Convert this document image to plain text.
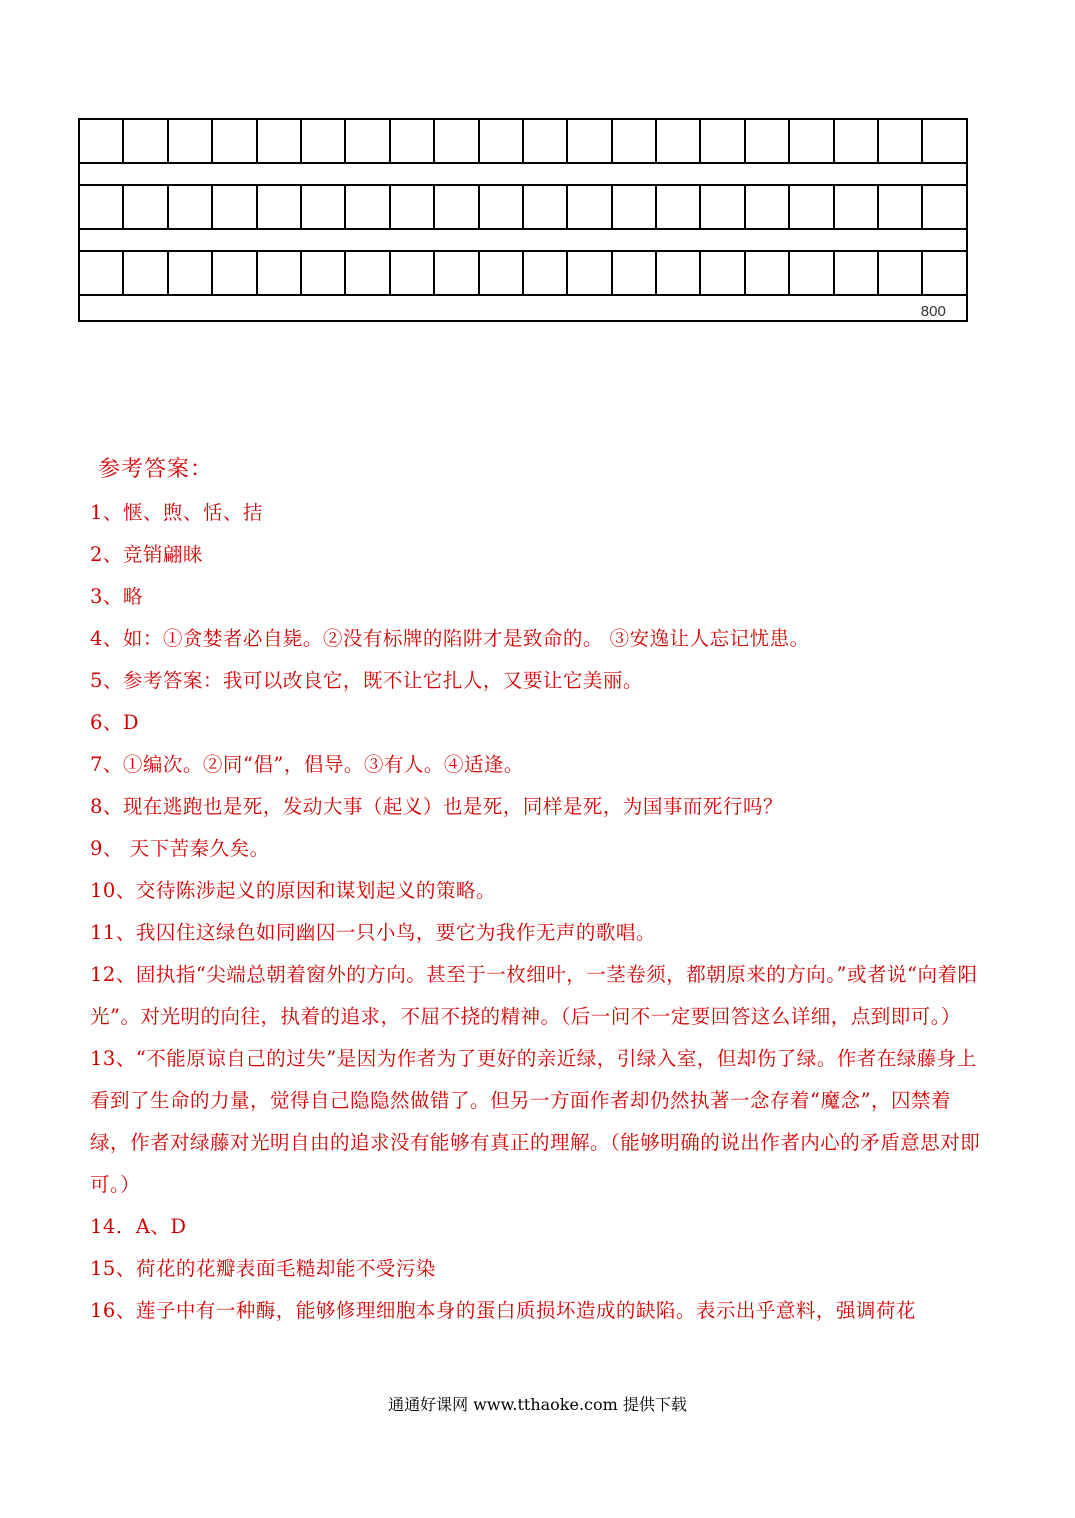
800																			
参考答案：

1、惬、煦、恬、拮

2、竞销翩睐

3、略

4、如：①贪婪者必自毙。②没有标牌的陷阱才是致命的。 ③安逸让人忘记忧患。

5、参考答案：我可以改良它，既不让它扎人，又要让它美丽。

6、D

7、①编次。②同“倡”，倡导。③有人。④适逢。

8、现在逃跑也是死，发动大事（起义）也是死，同样是死，为国事而死行吗？

9、 天下苦秦久矣。

10、交待陈涉起义的原因和谋划起义的策略。

11、我囚住这绿色如同幽囚一只小鸟，要它为我作无声的歌唱。

12、固执指“尖端总朝着窗外的方向。甚至于一枚细叶，一茎卷须，都朝原来的方向。”或者说“向着阳光”。对光明的向往，执着的追求，不屈不挠的精神。（后一问不一定要回答这么详细，点到即可。）

13、“不能原谅自己的过失”是因为作者为了更好的亲近绿，引绿入室，但却伤了绿。作者在绿藤身上看到了生命的力量，觉得自己隐隐然做错了。但另一方面作者却仍然执著一念存着“魔念”，囚禁着绿，作者对绿藤对光明自由的追求没有能够有真正的理解。（能够明确的说出作者内心的矛盾意思对即可。）

14．A、D

15、荷花的花瓣表面毛糙却能不受污染

16、莲子中有一种酶，能够修理细胞本身的蛋白质损坏造成的缺陷。表示出乎意料，强调荷花

通通好课网 www.tthaoke.com 提供下载
